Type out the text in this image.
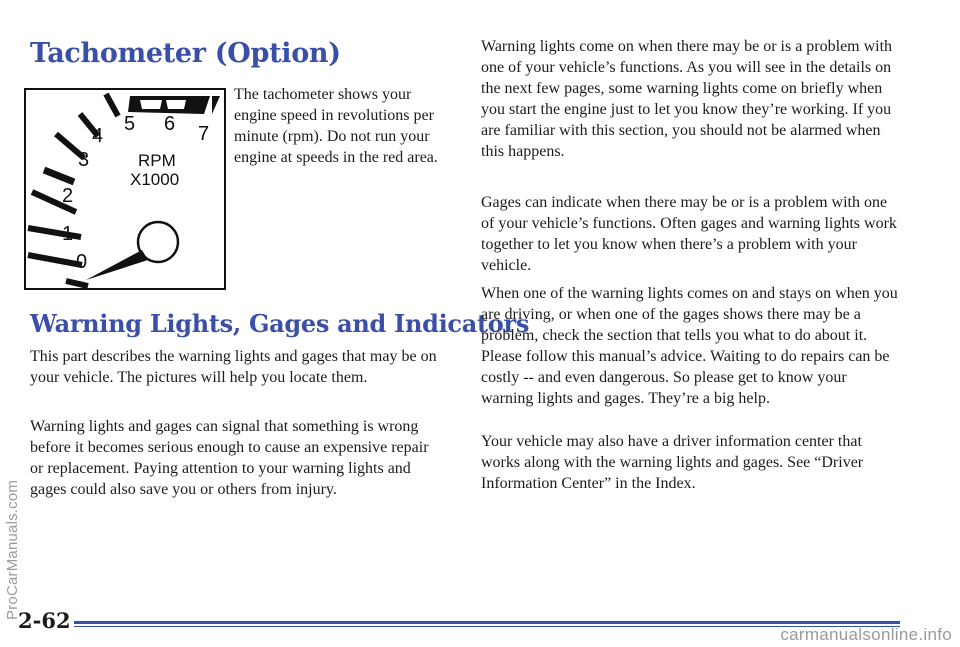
Tachometer (Option)
0
1
2
3
4
5 6 7
RPM
X1000

The tachometer shows your engine speed in revolutions per minute (rpm). Do not run your engine at speeds in the red area.

Warning Lights, Gages and Indicators

This part describes the warning lights and gages that may be on your vehicle. The pictures will help you locate them.

Warning lights and gages can signal that something is wrong before it becomes serious enough to cause an expensive repair or replacement. Paying attention to your warning lights and gages could also save you or others from injury.

Warning lights come on when there may be or is a problem with one of your vehicle’s functions. As you will see in the details on the next few pages, some warning lights come on briefly when you start the engine just to let you know they’re working. If you are familiar with this section, you should not be alarmed when this happens.

Gages can indicate when there may be or is a problem with one of your vehicle’s functions. Often gages and warning lights work together to let you know when there’s a problem with your vehicle.

When one of the warning lights comes on and stays on when you are driving, or when one of the gages shows there may be a problem, check the section that tells you what to do about it. Please follow this manual’s advice. Waiting to do repairs can be costly -- and even dangerous. So please get to know your warning lights and gages. They’re a big help.

Your vehicle may also have a driver information center that works along with the warning lights and gages. See “Driver Information Center” in the Index.

2-62
carmanualsonline.info
ProCarManuals.com
